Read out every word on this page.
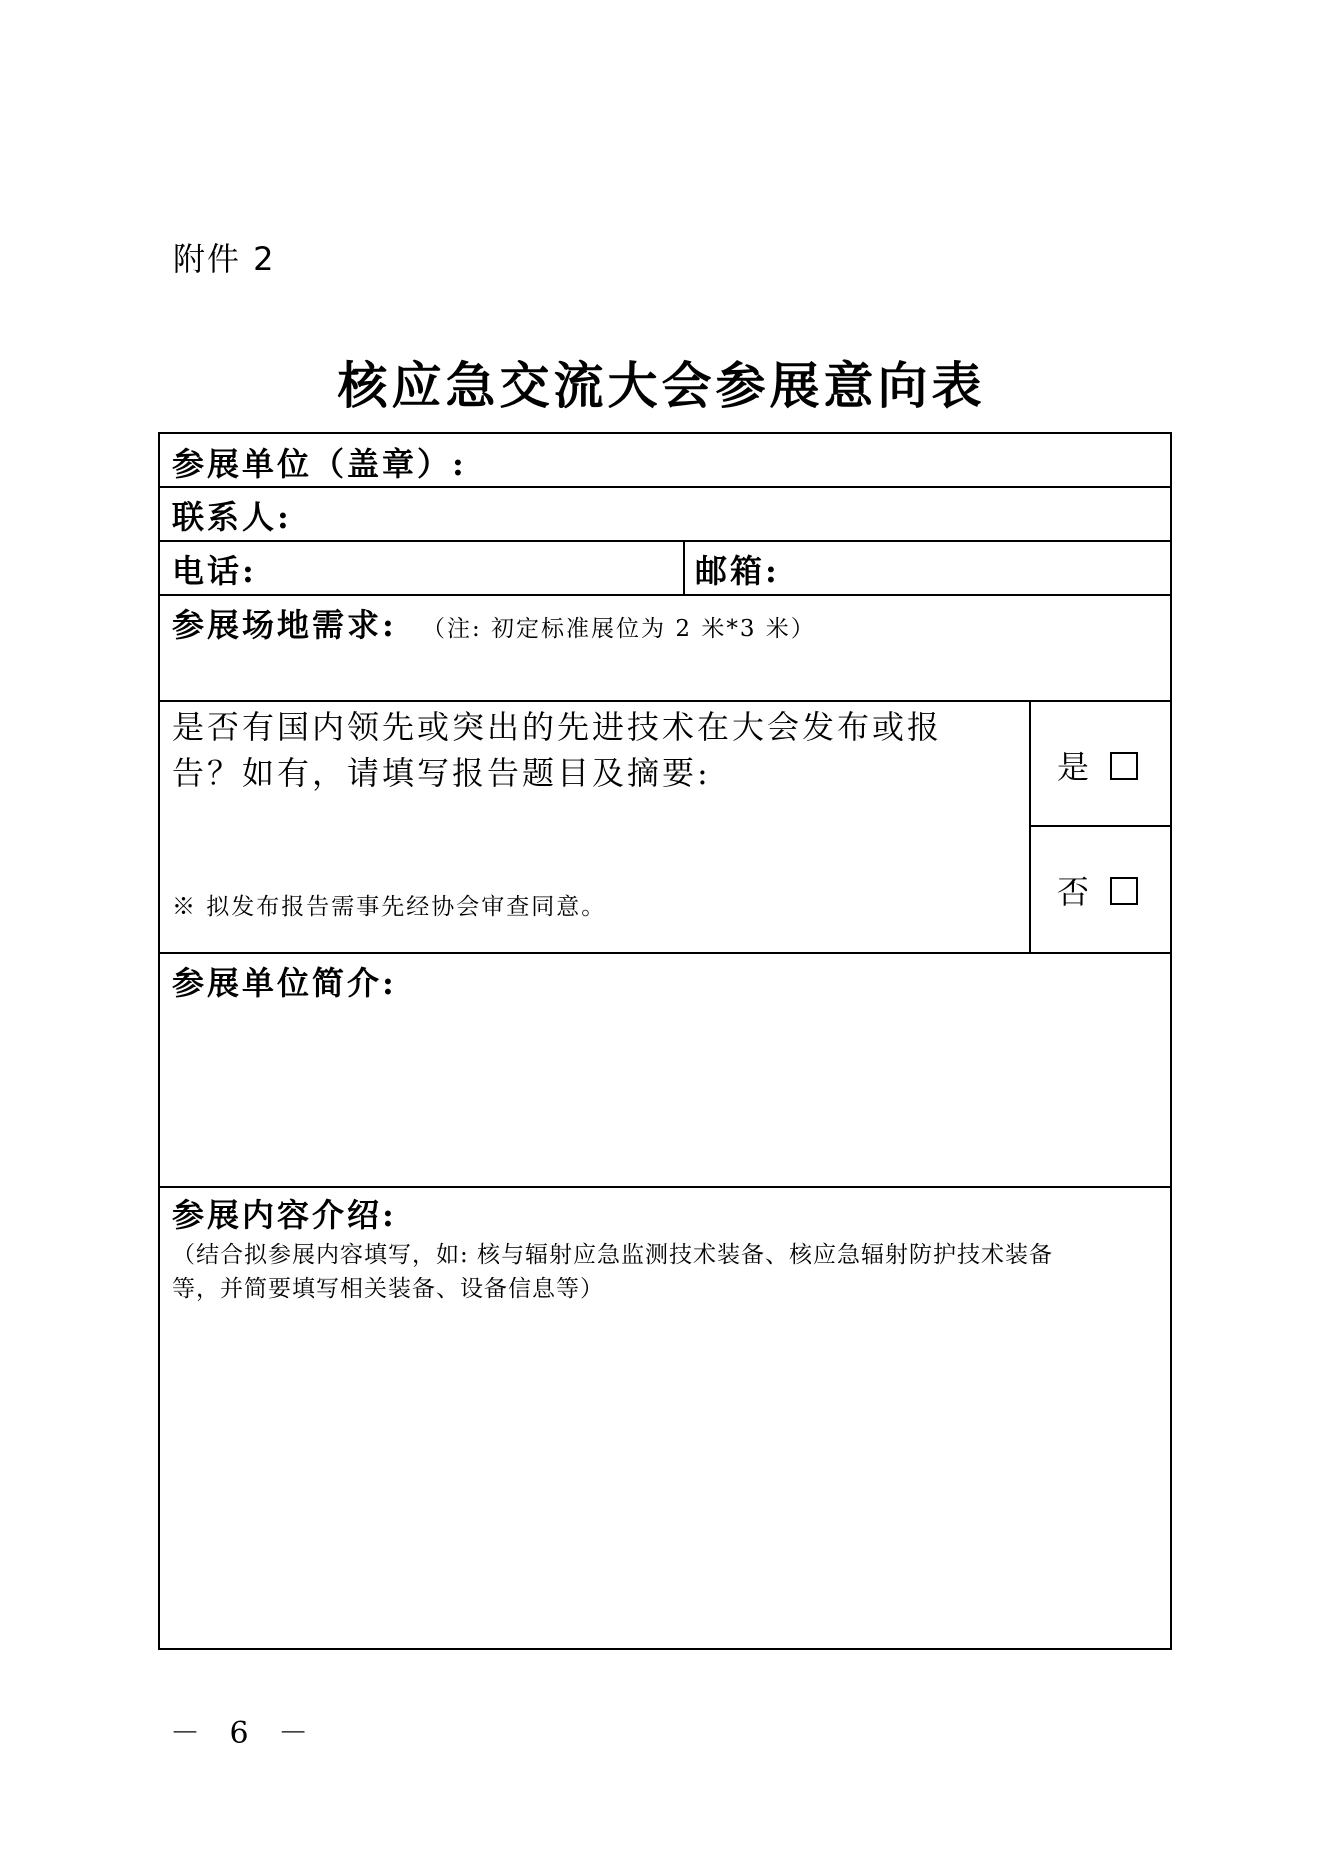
附件 2
核应急交流大会参展意向表
参展单位（盖章）:
联系人:
电话:	邮箱:
参展场地需求: （注: 初定标准展位为 2 米*3 米）
是否有国内领先或突出的先进技术在大会发布或报
告？如有，请填写报告题目及摘要:
※ 拟发布报告需事先经协会审查同意。
是
否
参展单位简介:
参展内容介绍:
（结合拟参展内容填写，如: 核与辐射应急监测技术装备、核应急辐射防护技术装备
等，并简要填写相关装备、设备信息等）
－ 6 －
